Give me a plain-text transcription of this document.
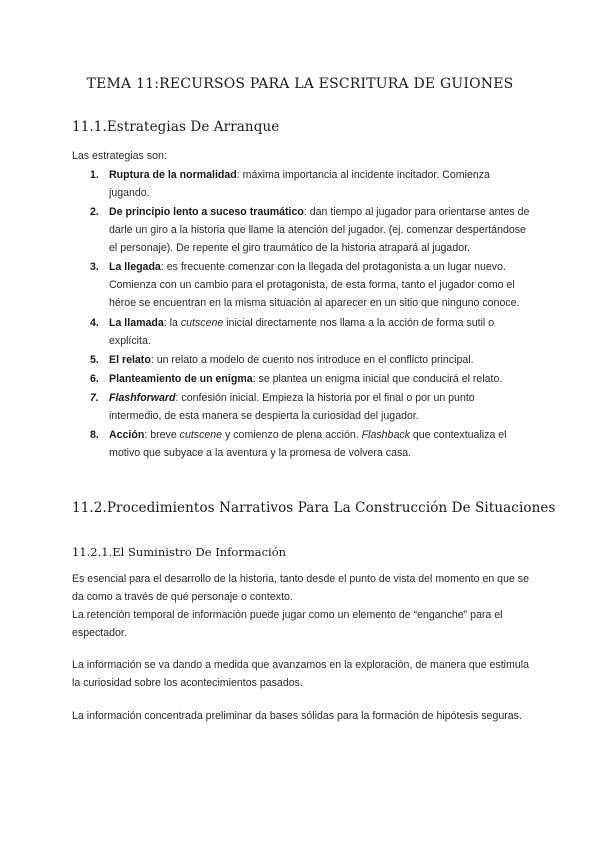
TEMA 11:RECURSOS PARA LA ESCRITURA DE GUIONES
11.1.Estrategias De Arranque

Las estrategias son:

1. Ruptura de la normalidad: máxima importancia al incidente incitador. Comienza jugando.
2. De principio lento a suceso traumático: dan tiempo al jugador para orientarse antes de darle un giro a la historia que llame la atención del jugador. (ej. comenzar despertándose el personaje). De repente el giro traumático de la historia atrapará al jugador.
3. La llegada: es frecuente comenzar con la llegada del protagonista a un lugar nuevo. Comienza con un cambio para el protagonista, de esta forma, tanto el jugador como el héroe se encuentran en la misma situación al aparecer en un sitio que ninguno conoce.
4. La llamada: la cutscene inicial directamente nos llama a la acción de forma sutil o explícita.
5. El relato: un relato a modelo de cuento nos introduce en el conflicto principal.
6. Planteamiento de un enigma: se plantea un enigma inicial que conducirá el relato.
7. Flashforward: confesión inicial. Empieza la historia por el final o por un punto intermedio, de esta manera se despierta la curiosidad del jugador.
8. Acción: breve cutscene y comienzo de plena acción. Flashback que contextualiza el motivo que subyace a la aventura y la promesa de volvera casa.
11.2.Procedimientos Narrativos Para La Construcción De Situaciones
11.2.1.El Suministro De Información

Es esencial para el desarrollo de la historia, tanto desde el punto de vista del momento en que se da como a través de qué personaje o contexto.

La retención temporal de información puede jugar como un elemento de “enganche” para el espectador.

La información se va dando a medida que avanzamos en la exploración, de manera que estimula la curiosidad sobre los acontecimientos pasados.

La información concentrada preliminar da bases sólidas para la formación de hipótesis seguras.
